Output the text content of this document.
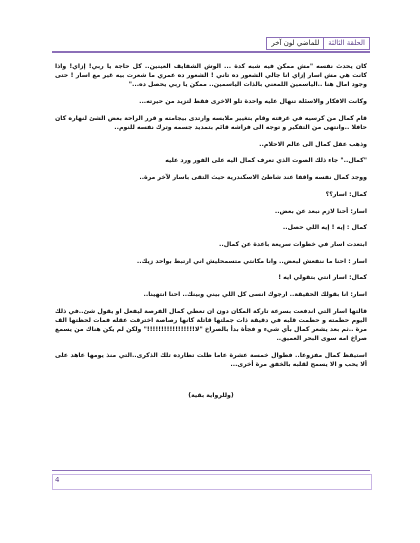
الحلقة الثالثة
للماضي لون آخر

كان يحدث نفسه "مش ممكن فيه شبه كدة ... الوش الشفايف العينين.. كل حاجة يا ربي! إزاي! واذا كانت هي مش اسار إزاي انا جالي الشعور ده تاني ! الشعور ده عمري ما شعرت بيه غير مع اسار ! حتى وجود امال هنا ..الياسمين اللمعني بالذات الياسمين.. ممكن يا ربي يحصل ده..."

وكانت الافكار والاسئلة تنهال عليه واحدة تلو الاخرى فقط لتزيد من حيرته...

قام كمال من كرسيه في غرفته وقام بتغيير ملابسه وارتدى بيجامته و قرر الراحة بعض الشئ لنهاره كان حافلا ..وانتهى من التفكير و توجه الى فراشه قائم بتمديد جسمه وترك نفسه للنوم..

وذهب عقل كمال الى عالم الاحلام..

"كمال.." جاء ذلك الصوت الذي تعرف كمال اليه على الفور ورد عليه

ووجد كمال نفسه واقفا عند شاطئ الاسكندرية حيث التقى باسار لآخر مرة..

كمال: اسار؟؟

اسار: أحنا لازم نبعد عن بعض..

كمال : إيه ! إيه اللي حصل..

ابتعدت اسار في خطوات سريعة باعدة عن كمال..

اسار : احنا ما ننفعش لبعض.. وانا مكانتي متسمحليش اني ارتبط بواحد زيك..

كمال: اسار انتي بتقولي ايه !

اسار: انا بقولك الحقيقة.. ارجوك انسى كل اللي بيني وبينك.. احنا انتهينا..

قالتها اسار التي اندفعت بسرعة تاركة المكان دون ان تعطي كمال الفرصة ليفعل او يقول شئ..في ذلك اليوم حطمته و حطمت قلبه في دقيقة ذات جملتها قاتلة كانها رصاصة اخترقت عقله فمات لحظتها الف مرة ..ثم بعد يشعر كمال بأي شيء و فجأة بدأ بالصراخ "لا!!!!!!!!!!!!!!!!!" ولكن لم يكن هناك من يسمع صراخ امه سوى البحر العميق..

استيقظ كمال مفزوعا.. فطوال خمسة عشرة عاما ظلت تطارده تلك الذكرى..التي منذ يومها عاهد على ألا يحب و الا يسمح لقلبه بالخفق مرة أخرى...

(وللرواية بقية)

4
